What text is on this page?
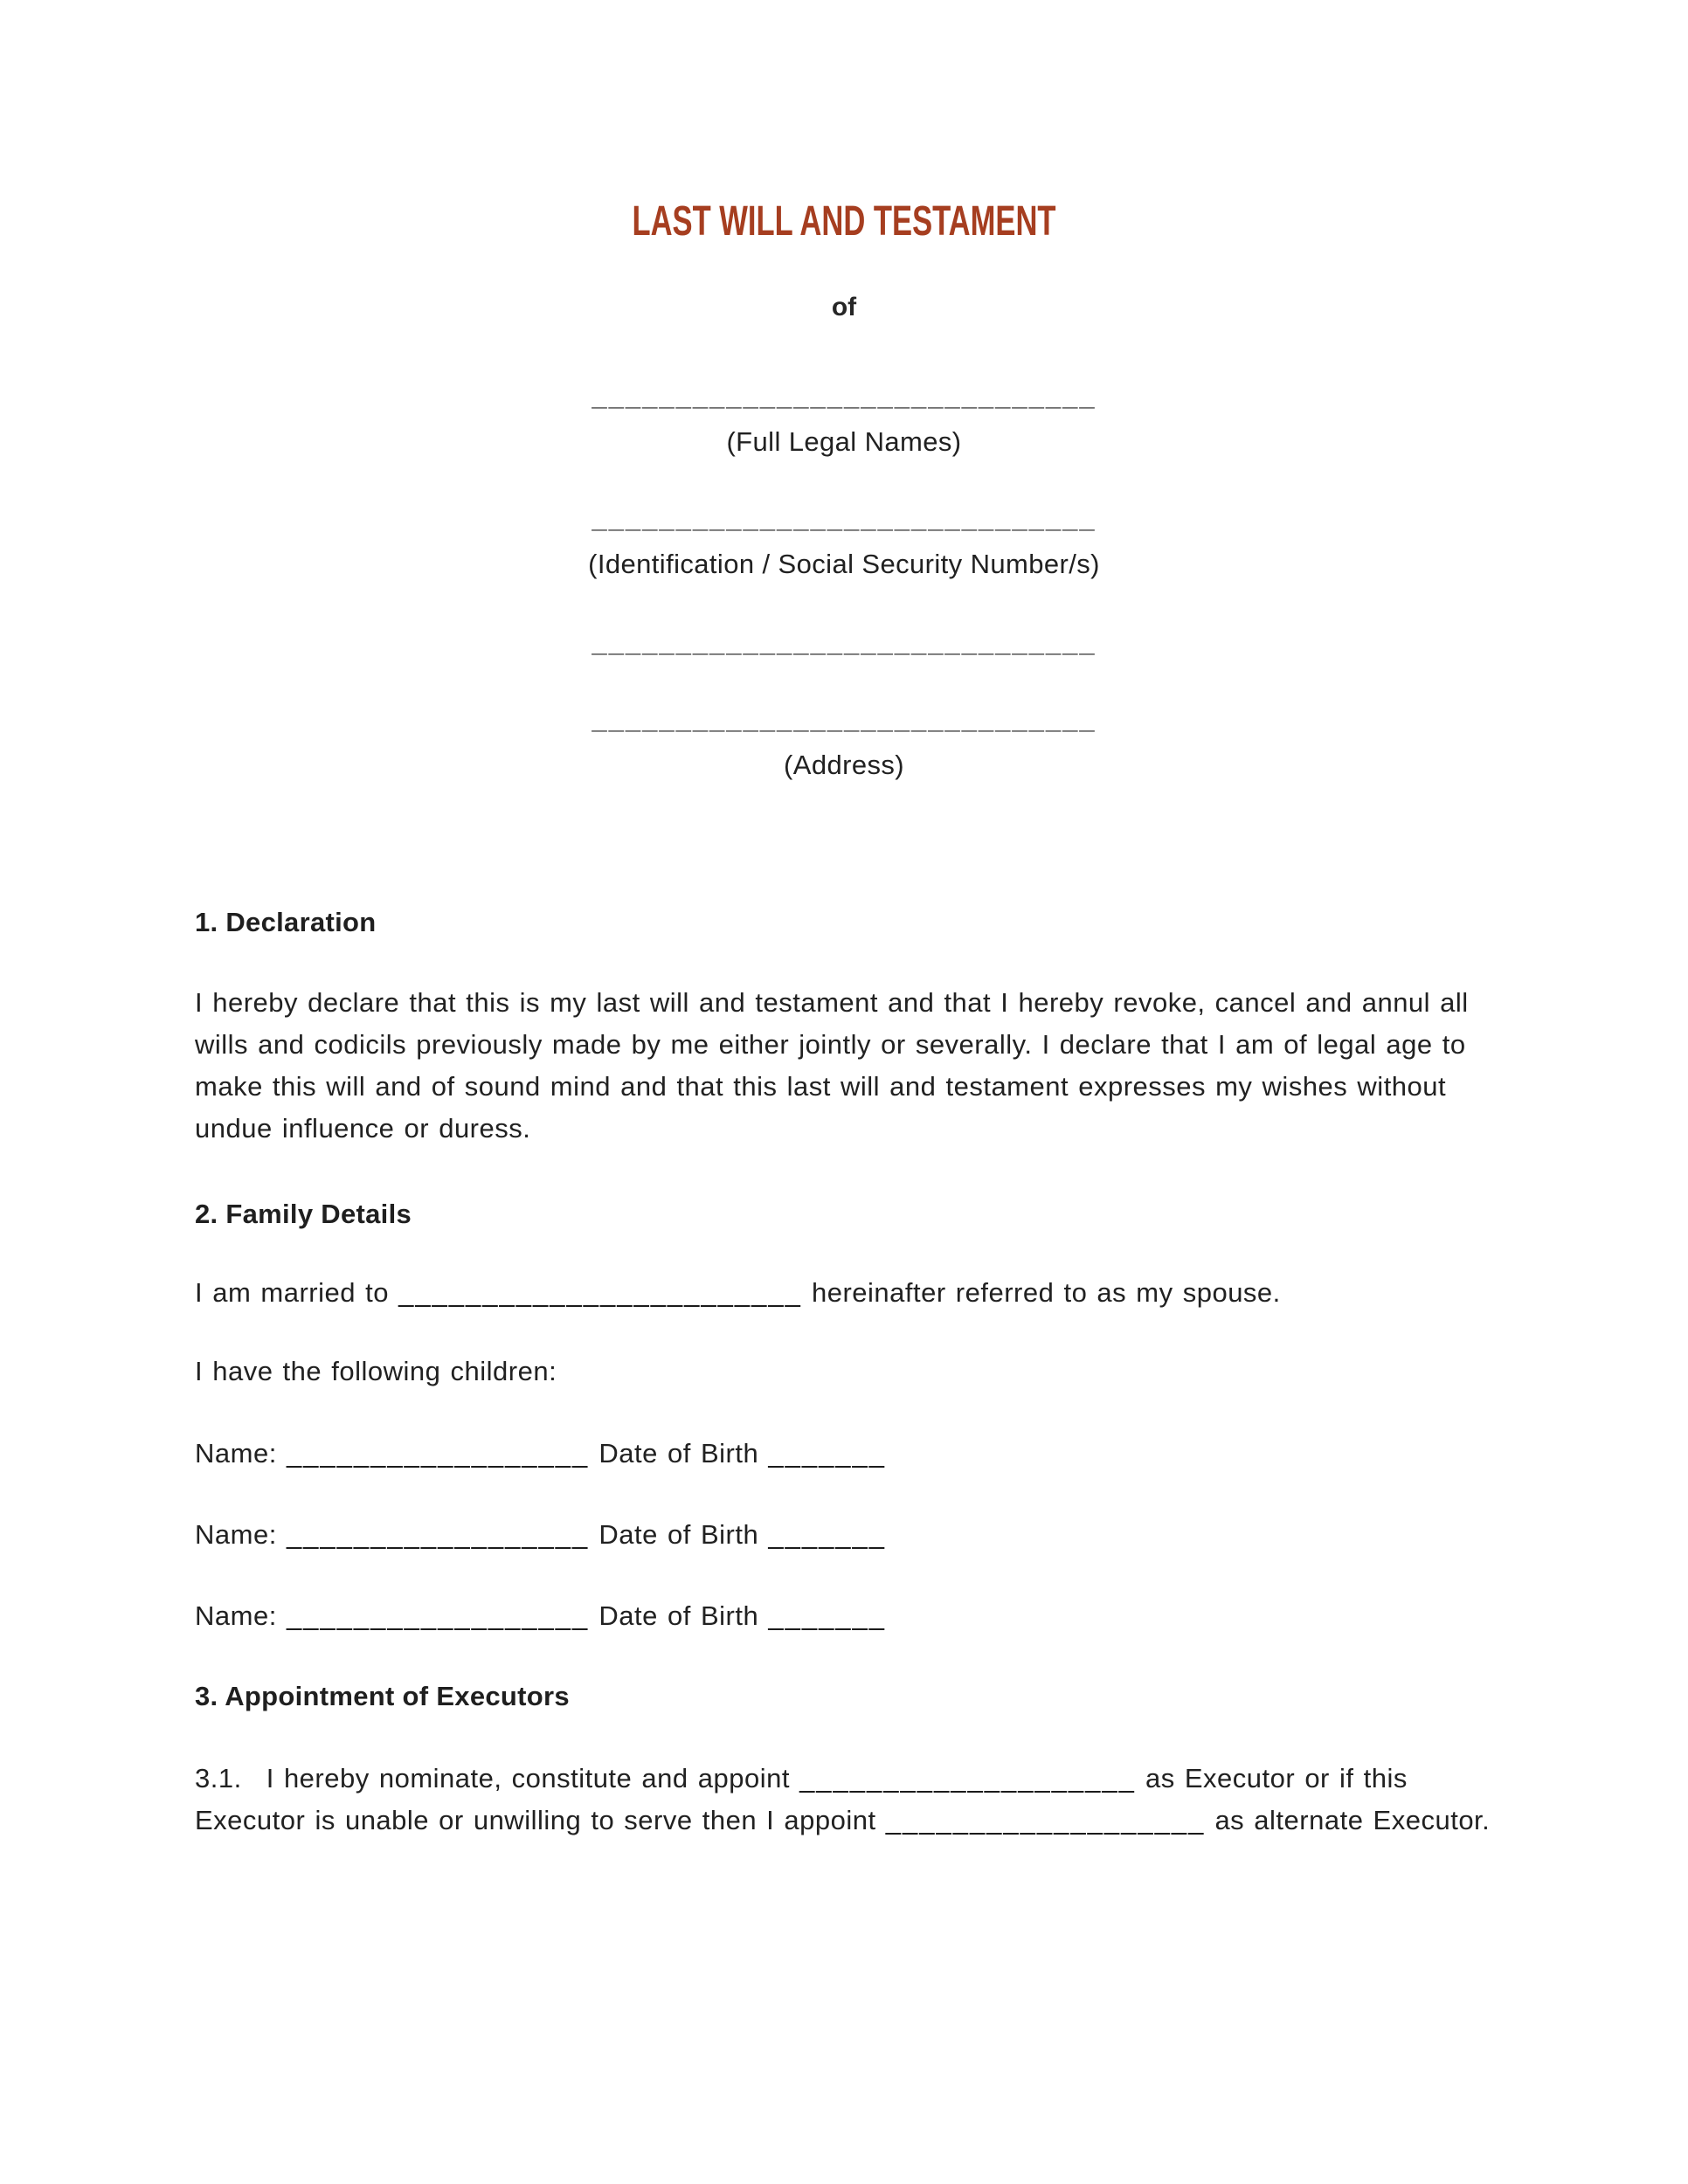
LAST WILL AND TESTAMENT

of

______________________________
(Full Legal Names)
______________________________
(Identification / Social Security Number/s)
______________________________
______________________________
(Address)
1. Declaration

I hereby declare that this is my last will and testament and that I hereby revoke, cancel and annul all wills and codicils previously made by me either jointly or severally. I declare that I am of legal age to make this will and of sound mind and that this last will and testament expresses my wishes without undue influence or duress.

2. Family Details

I am married to ________________________ hereinafter referred to as my spouse.

I have the following children:

Name: __________________ Date of Birth _______

Name: __________________ Date of Birth _______

Name: __________________ Date of Birth _______

3. Appointment of Executors

3.1. I hereby nominate, constitute and appoint ____________________ as Executor or if this Executor is unable or unwilling to serve then I appoint ___________________ as alternate Executor.
